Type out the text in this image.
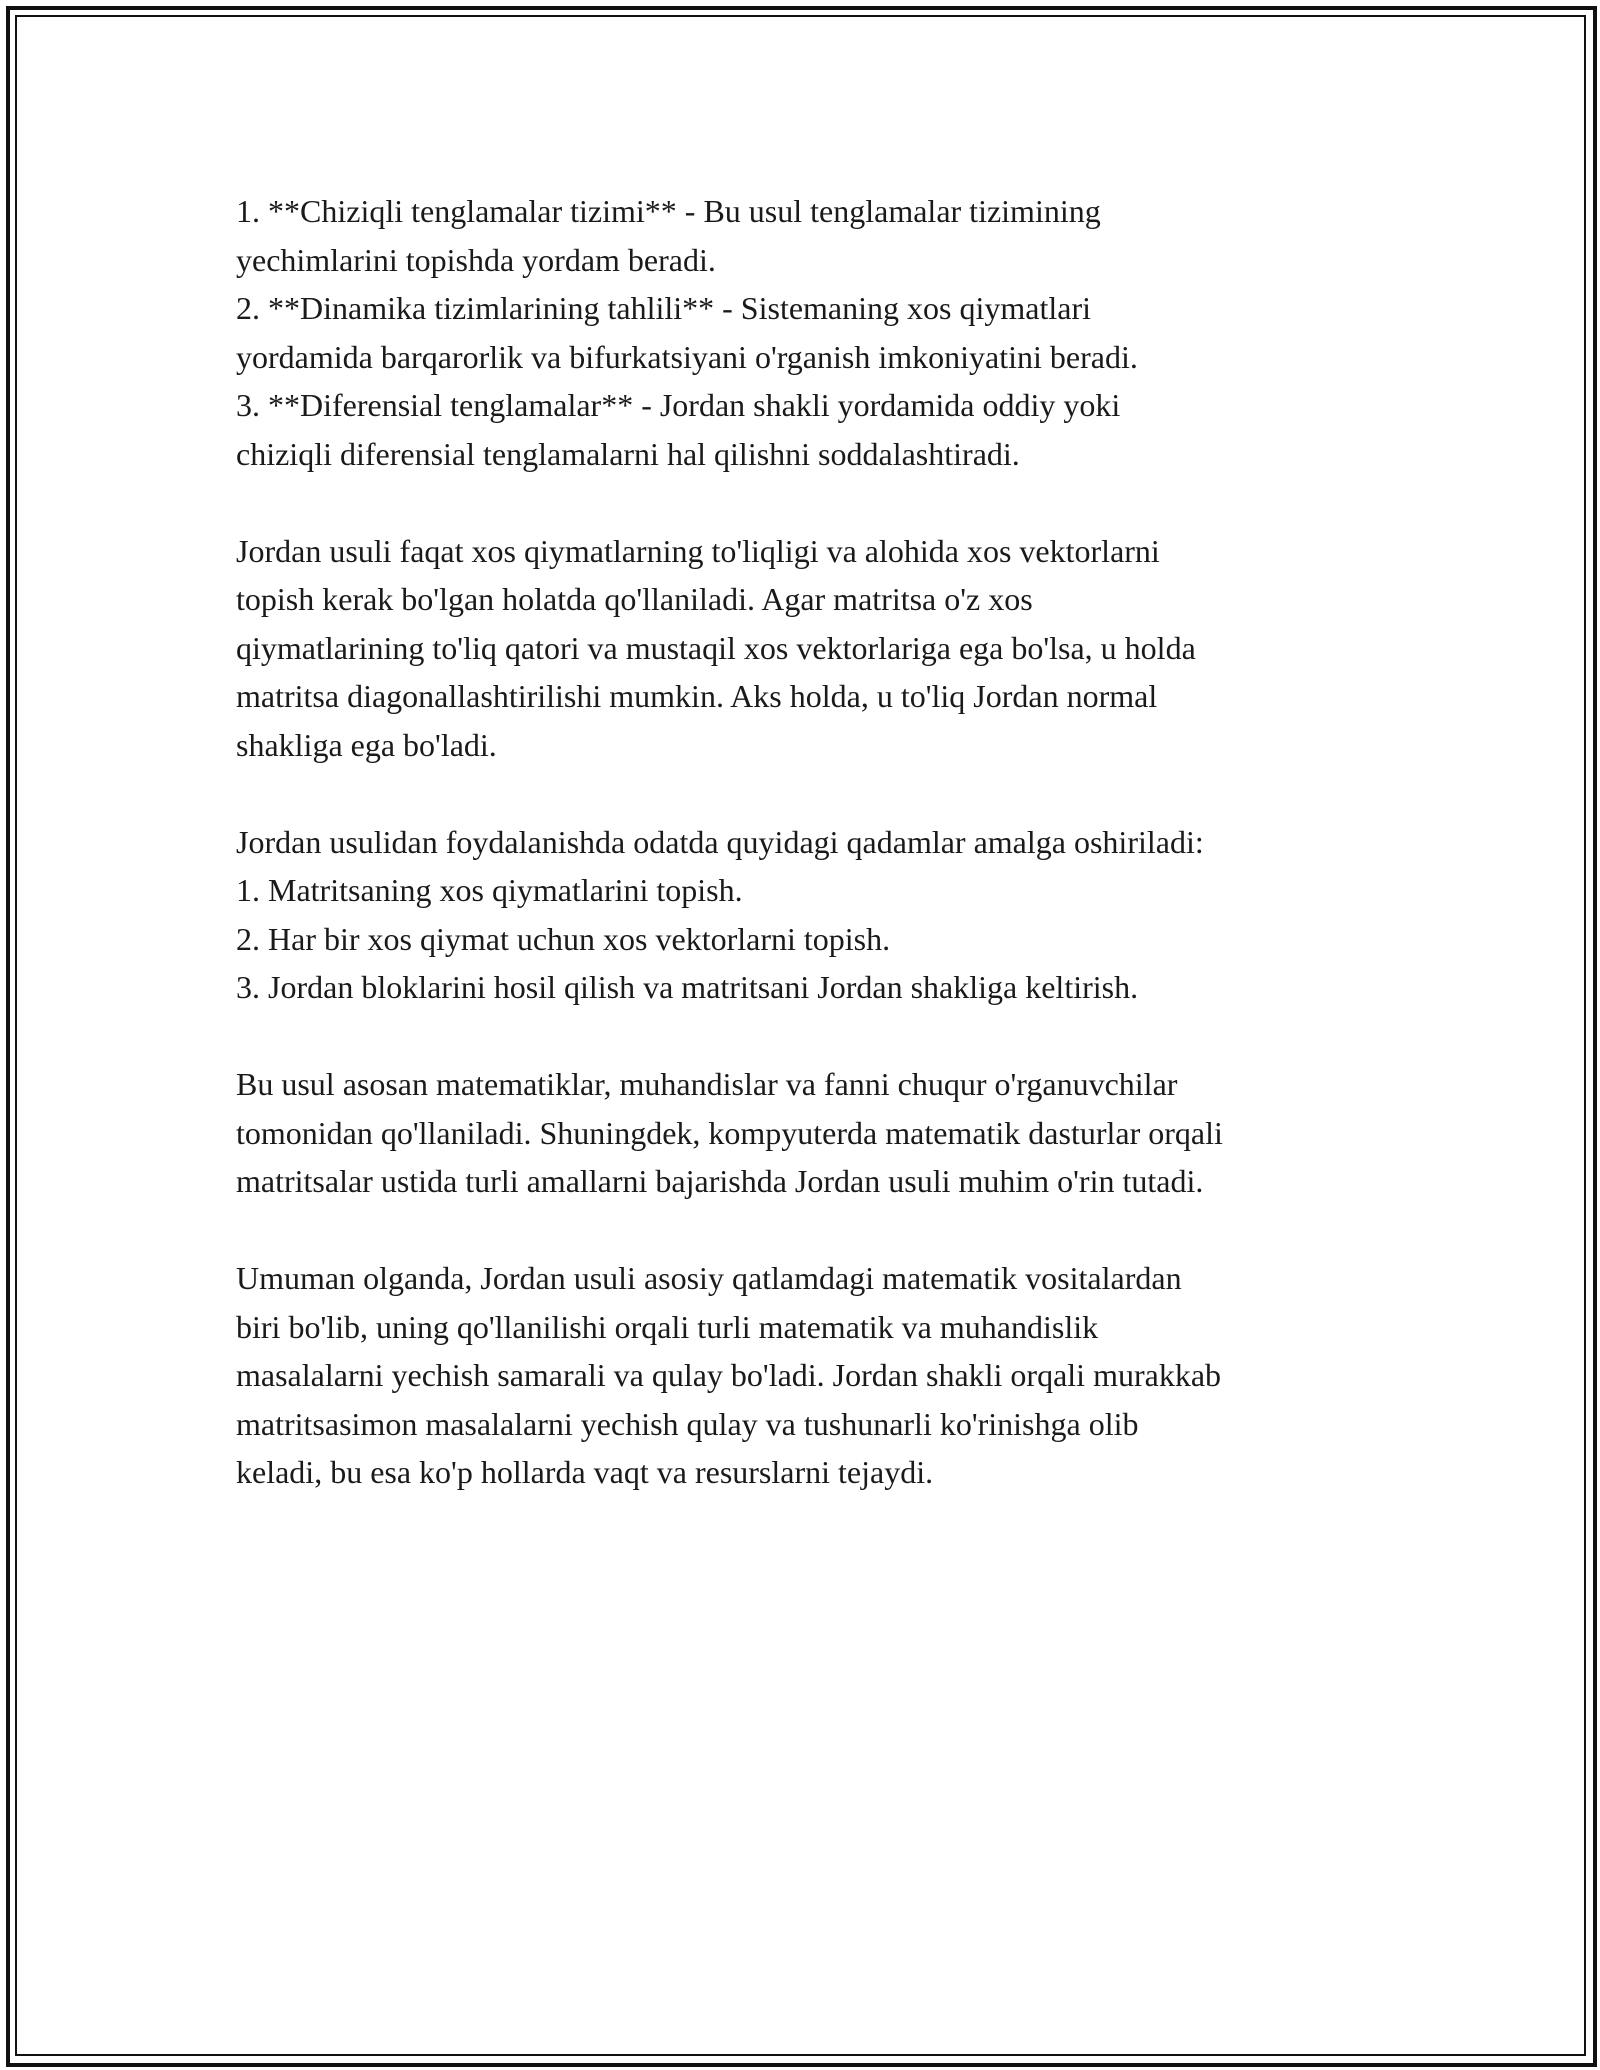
1. **Chiziqli tenglamalar tizimi** - Bu usul tenglamalar tizimining
yechimlarini topishda yordam beradi.
2. **Dinamika tizimlarining tahlili** - Sistemaning xos qiymatlari
yordamida barqarorlik va bifurkatsiyani o'rganish imkoniyatini beradi.
3. **Diferensial tenglamalar** - Jordan shakli yordamida oddiy yoki
chiziqli diferensial tenglamalarni hal qilishni soddalashtiradi.
Jordan usuli faqat xos qiymatlarning to'liqligi va alohida xos vektorlarni
topish kerak bo'lgan holatda qo'llaniladi. Agar matritsa o'z xos
qiymatlarining to'liq qatori va mustaqil xos vektorlariga ega bo'lsa, u holda
matritsa diagonallashtirilishi mumkin. Aks holda, u to'liq Jordan normal
shakliga ega bo'ladi.
Jordan usulidan foydalanishda odatda quyidagi qadamlar amalga oshiriladi:
1. Matritsaning xos qiymatlarini topish.
2. Har bir xos qiymat uchun xos vektorlarni topish.
3. Jordan bloklarini hosil qilish va matritsani Jordan shakliga keltirish.
Bu usul asosan matematiklar, muhandislar va fanni chuqur o'rganuvchilar
tomonidan qo'llaniladi. Shuningdek, kompyuterda matematik dasturlar orqali
matritsalar ustida turli amallarni bajarishda Jordan usuli muhim o'rin tutadi.
Umuman olganda, Jordan usuli asosiy qatlamdagi matematik vositalardan
biri bo'lib, uning qo'llanilishi orqali turli matematik va muhandislik
masalalarni yechish samarali va qulay bo'ladi. Jordan shakli orqali murakkab
matritsasimon masalalarni yechish qulay va tushunarli ko'rinishga olib
keladi, bu esa ko'p hollarda vaqt va resurslarni tejaydi.
